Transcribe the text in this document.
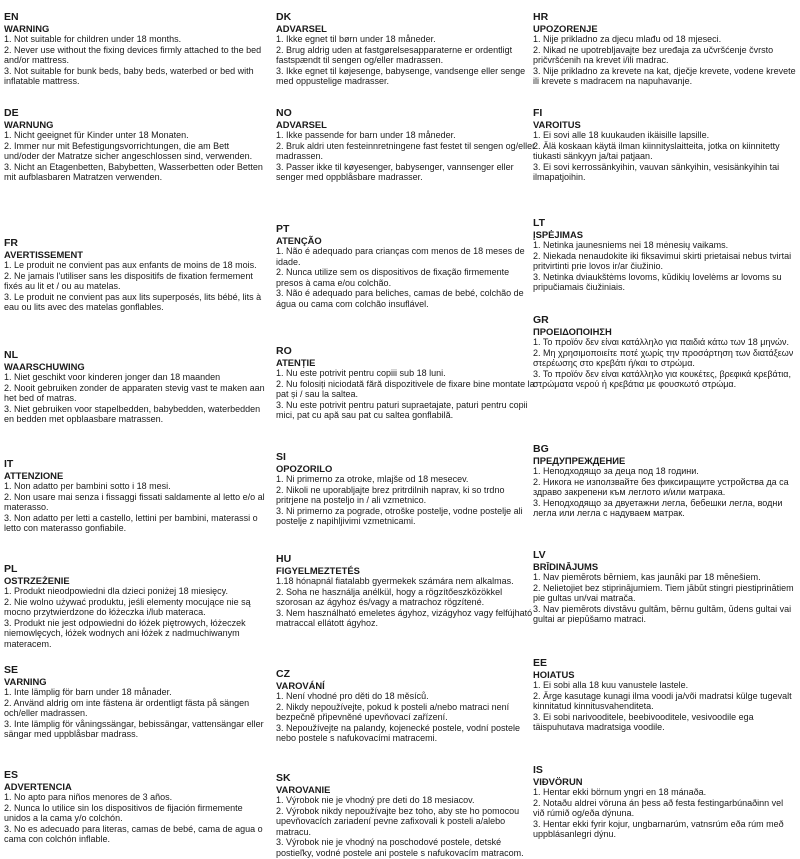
EN
WARNING
1. Not suitable for children under 18 months.
2. Never use without the fixing devices firmly attached to the bed and/or mattress.
3. Not suitable for bunk beds, baby beds, waterbed or bed with inflatable mattress.
DE
WARNUNG
1. Nicht geeignet für Kinder unter 18 Monaten.
2. Immer nur mit Befestigungsvorrichtungen, die am Bett und/oder der Matratze sicher angeschlossen sind, verwenden.
3. Nicht an Etagenbetten, Babybetten, Wasserbetten oder Betten mit aufblasbaren Matratzen verwenden.
FR
AVERTISSEMENT
1. Le produit ne convient pas aux enfants de moins de 18 mois.
2. Ne jamais l'utiliser sans les dispositifs de fixation fermement fixés au lit et / ou au matelas.
3. Le produit ne convient pas aux lits superposés, lits bébé, lits à eau ou lits avec des matelas gonflables.
NL
WAARSCHUWING
1. Niet geschikt voor kinderen jonger dan 18 maanden
2. Nooit gebruiken zonder de apparaten stevig vast te maken aan het bed of matras.
3. Niet gebruiken voor stapelbedden, babybedden, waterbedden en bedden met opblaasbare matrassen.
IT
ATTENZIONE
1. Non adatto per bambini sotto i 18 mesi.
2. Non usare mai senza i fissaggi fissati saldamente al letto e/o al materasso.
3. Non adatto per letti a castello, lettini per bambini, materassi o letto con materasso gonfiabile.
PL
OSTRZEŻENIE
1. Produkt nieodpowiedni dla dzieci poniżej 18 miesięcy.
2. Nie wolno używać produktu, jeśli elementy mocujące nie są mocno przytwierdzone do łóżeczka i/lub materaca.
3. Produkt nie jest odpowiedni do łóżek piętrowych, łóżeczek niemowlęcych, łóżek wodnych ani łóżek z nadmuchiwanym materacem.
SE
VARNING
1. Inte lämplig för barn under 18 månader.
2. Använd aldrig om inte fästena är ordentligt fästa på sängen och/eller madrassen.
3. Inte lämplig för våningssängar, bebissängar, vattensängar eller sängar med uppblåsbar madrass.
ES
ADVERTENCIA
1. No apto para niños menores de 3 años.
2. Nunca lo utilice sin los dispositivos de fijación firmemente unidos a la cama y/o colchón.
3. No es adecuado para literas, camas de bebé, cama de agua o cama con colchón inflable.
DK
ADVARSEL
1. Ikke egnet til børn under 18 måneder.
2. Brug aldrig uden at fastgørelsesapparaterne er ordentligt fastspændt til sengen og/eller madrassen.
3. Ikke egnet til køjesenge, babysenge, vandsenge eller senge med oppustelige madrasser.
NO
ADVARSEL
1. Ikke passende for barn under 18 måneder.
2. Bruk aldri uten festeinnretningene fast festet til sengen og/eller madrassen.
3. Passer ikke til køyesenger, babysenger, vannsenger eller senger med oppblåsbare madrasser.
PT
ATENÇÃO
1. Não é adequado para crianças com menos de 18 meses de idade.
2. Nunca utilize sem os dispositivos de fixação firmemente presos à cama e/ou colchão.
3. Não é adequado para beliches, camas de bebé, colchão de água ou cama com colchão insuflável.
RO
ATENȚIE
1. Nu este potrivit pentru copiii sub 18 luni.
2. Nu folosiți niciodată fără dispozitivele de fixare bine montate la pat și / sau la saltea.
3. Nu este potrivit pentru paturi supraetajate, paturi pentru copii mici, pat cu apă sau pat cu saltea gonflabilă.
SI
OPOZORILO
1. Ni primerno za otroke, mlajše od 18 mesecev.
2. Nikoli ne uporabljajte brez pritrdilnih naprav, ki so trdno pritrjene na posteljo in / ali vzmetnico.
3. Ni primerno za pograde, otroške postelje, vodne postelje ali postelje z napihljivimi vzmetnicami.
HU
FIGYELMEZTETÉS
1.18 hónapnál fiatalabb gyermekek számára nem alkalmas.
2. Soha ne használja anélkül, hogy a rögzítőeszközökkel szorosan az ágyhoz és/vagy a matrachoz rögzítené.
3. Nem használható emeletes ágyhoz, vizágyhoz vagy felfújható matraccal ellátott ágyhoz.
CZ
VAROVÁNÍ
1. Není vhodné pro děti do 18 měsíců.
2. Nikdy nepoužívejte, pokud k posteli a/nebo matraci není bezpečně připevněné upevňovací zařízení.
3. Nepoužívejte na palandy, kojenecké postele, vodní postele nebo postele s nafukovacími matracemi.
SK
VAROVANIE
1. Výrobok nie je vhodný pre deti do 18 mesiacov.
2. Výrobok nikdy nepoužívajte bez toho, aby ste ho pomocou upevňovacích zariadení pevne zafixovali k posteli a/alebo matracu.
3. Výrobok nie je vhodný na poschodové postele, detské postieľky, vodné postele ani postele s nafukovacím matracom.
HR
UPOZORENJE
1. Nije prikladno za djecu mlađu od 18 mjeseci.
2. Nikad ne upotrebljavajte bez uređaja za učvršćenje čvrsto pričvršćenih na krevet i/ili madrac.
3. Nije prikladno za krevete na kat, dječje krevete, vodene krevete ili krevete s madracem na napuhavanje.
FI
VAROITUS
1. Ei sovi alle 18 kuukauden ikäisille lapsille.
2. Älä koskaan käytä ilman kiinnityslaitteita, jotka on kiinnitetty tiukasti sänkyyn ja/tai patjaan.
3. Ei sovi kerrossänkyihin, vauvan sänkyihin, vesisänkyihin tai ilmapatjoihin.
LT
ĮSPĖJIMAS
1. Netinka jaunesniems nei 18 mėnesių vaikams.
2. Niekada nenaudokite iki fiksavimui skirti prietaisai nebus tvirtai pritvirtinti prie lovos ir/ar čiužinio.
3. Netinka dviaukštėms lovoms, kūdikių lovelėms ar lovoms su pripučiamais čiužiniais.
GR
ΠΡΟΕΙΔΟΠΟΙΗΣΗ
1. Το προϊόν δεν είναι κατάλληλο για παιδιά κάτω των 18 μηνών.
2. Μη χρησιμοποιείτε ποτέ χωρίς την προσάρτηση των διατάξεων στερέωσης στο κρεβάτι ή/και το στρώμα.
3. Το προϊόν δεν είναι κατάλληλο για κουκέτες, βρεφικά κρεβάτια, στρώματα νερού ή κρεβάτια με φουσκωτό στρώμα.
BG
ПРЕДУПРЕЖДЕНИЕ
1. Неподходящо за деца под 18 години.
2. Никога не използвайте без фиксиращите устройства да са здраво закрепени към леглото и/или матрака.
3. Неподходящо за двуетажни легла, бебешки легла, водни легла или легла с надуваем матрак.
LV
BRĪDINĀJUMS
1. Nav piemērots bērniem, kas jaunāki par 18 mēnešiem.
2. Nelietojiet bez stiprinājumiem. Tiem jābūt stingri piestiprinātiem pie gultas un/vai matrača.
3. Nav piemērots divstāvu gultām, bērnu gultām, ūdens gultai vai gultai ar piepūšamo matraci.
EE
HOIATUS
1. Ei sobi alla 18 kuu vanustele lastele.
2. Ärge kasutage kunagi ilma voodi ja/või madratsi külge tugevalt kinnitatud kinnitusvahenditeta.
3. Ei sobi narivooditele, beebivooditele, vesivoodile ega täispuhutava madratsiga voodile.
IS
VIÐVÖRUN
1. Hentar ekki börnum yngri en 18 mánaða.
2. Notaðu aldrei vöruna án þess að festa festingarbúnaðinn vel við rúmið og/eða dýnuna.
3. Hentar ekki fyrir kojur, ungbarnarúm, vatnsrúm eða rúm með uppblásanlegri dýnu.
